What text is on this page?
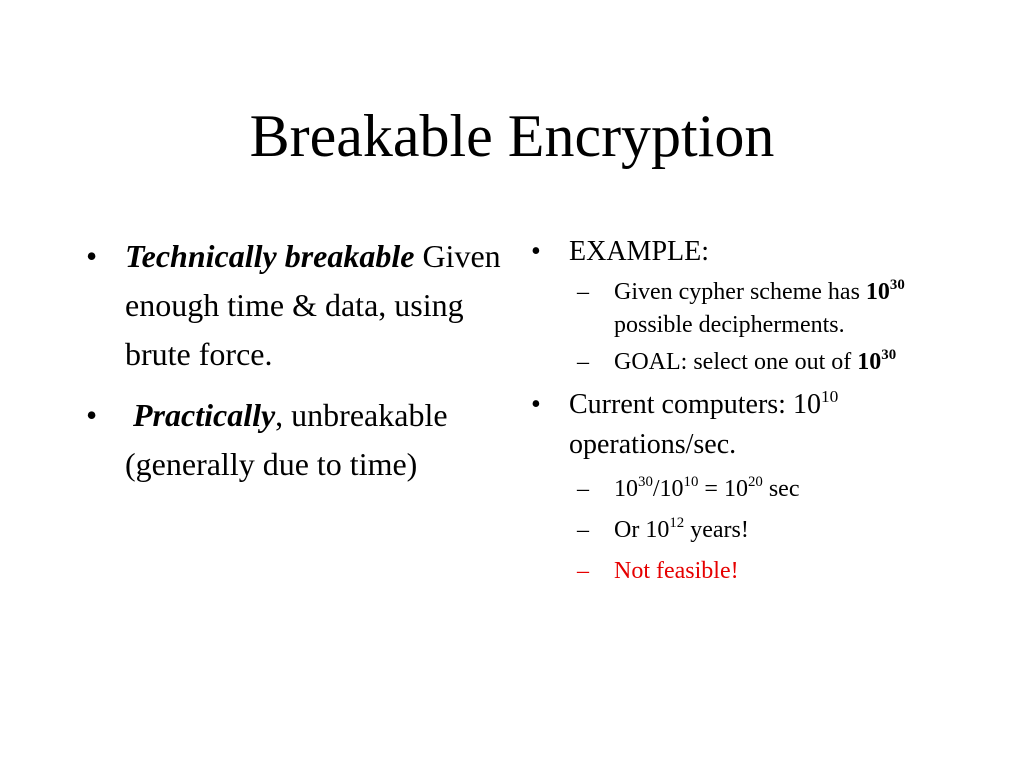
Breakable Encryption
• Technically breakable Given enough time & data, using brute force.
• Practically, unbreakable (generally due to time)
• EXAMPLE:
– Given cypher scheme has $10^{30}$ possible decipherments.
– GOAL: select one out of $10^{30}$
• Current computers: $10^{10}$ operations/sec.
– $10^{30}/10^{10} = 10^{20}$ sec
– Or $10^{12}$ years!
– Not feasible!
